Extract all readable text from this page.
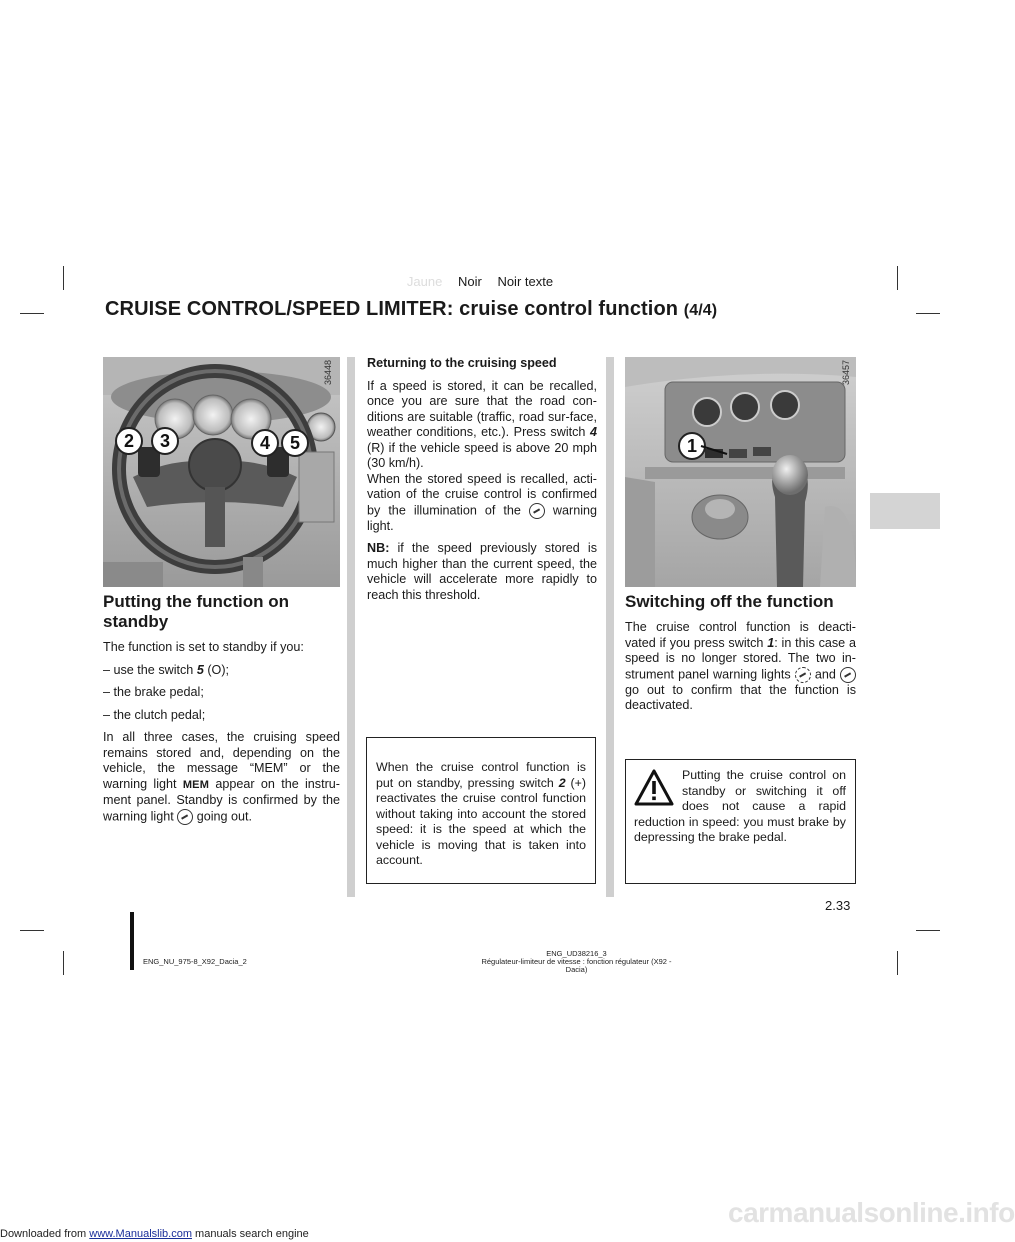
Jaune Noir Noir texte
CRUISE CONTROL/SPEED LIMITER: cruise control function (4/4)
2	3	4	5
36448
Putting the function on standby

The function is set to standby if you:

– use the switch 5 (O);
– the brake pedal;
– the clutch pedal;

In all three cases, the cruising speed remains stored and, depending on the vehicle, the message “MEM” or the warning light MEM appear on the instru-ment panel. Standby is confirmed by the warning light  going out.

Returning to the cruising speed

If a speed is stored, it can be recalled, once you are sure that the road con-ditions are suitable (traffic, road sur-face, weather conditions, etc.). Press switch 4 (R) if the vehicle speed is above 20 mph (30 km/h).

When the stored speed is recalled, acti-vation of the cruise control is confirmed by the illumination of the  warning light.

NB: if the speed previously stored is much higher than the current speed, the vehicle will accelerate more rapidly to reach this threshold.

When the cruise control function is put on standby, pressing switch 2 (+) reactivates the cruise control function without taking into account the stored speed: it is the speed at which the vehicle is moving that is taken into account.
1
36457
Switching off the function

The cruise control function is deacti-vated if you press switch 1: in this case a speed is no longer stored. The two in-strument panel warning lights  and  go out to confirm that the function is deactivated.

Putting the cruise control on standby or switching it off does not cause a rapid reduction in speed: you must brake by depressing the brake pedal.
2.33
ENG_NU_975-8_X92_Dacia_2
ENG_UD38216_3
Régulateur-limiteur de vitesse : fonction régulateur (X92 - Dacia)
Downloaded from www.Manualslib.com manuals search engine
carmanualsonline.info
